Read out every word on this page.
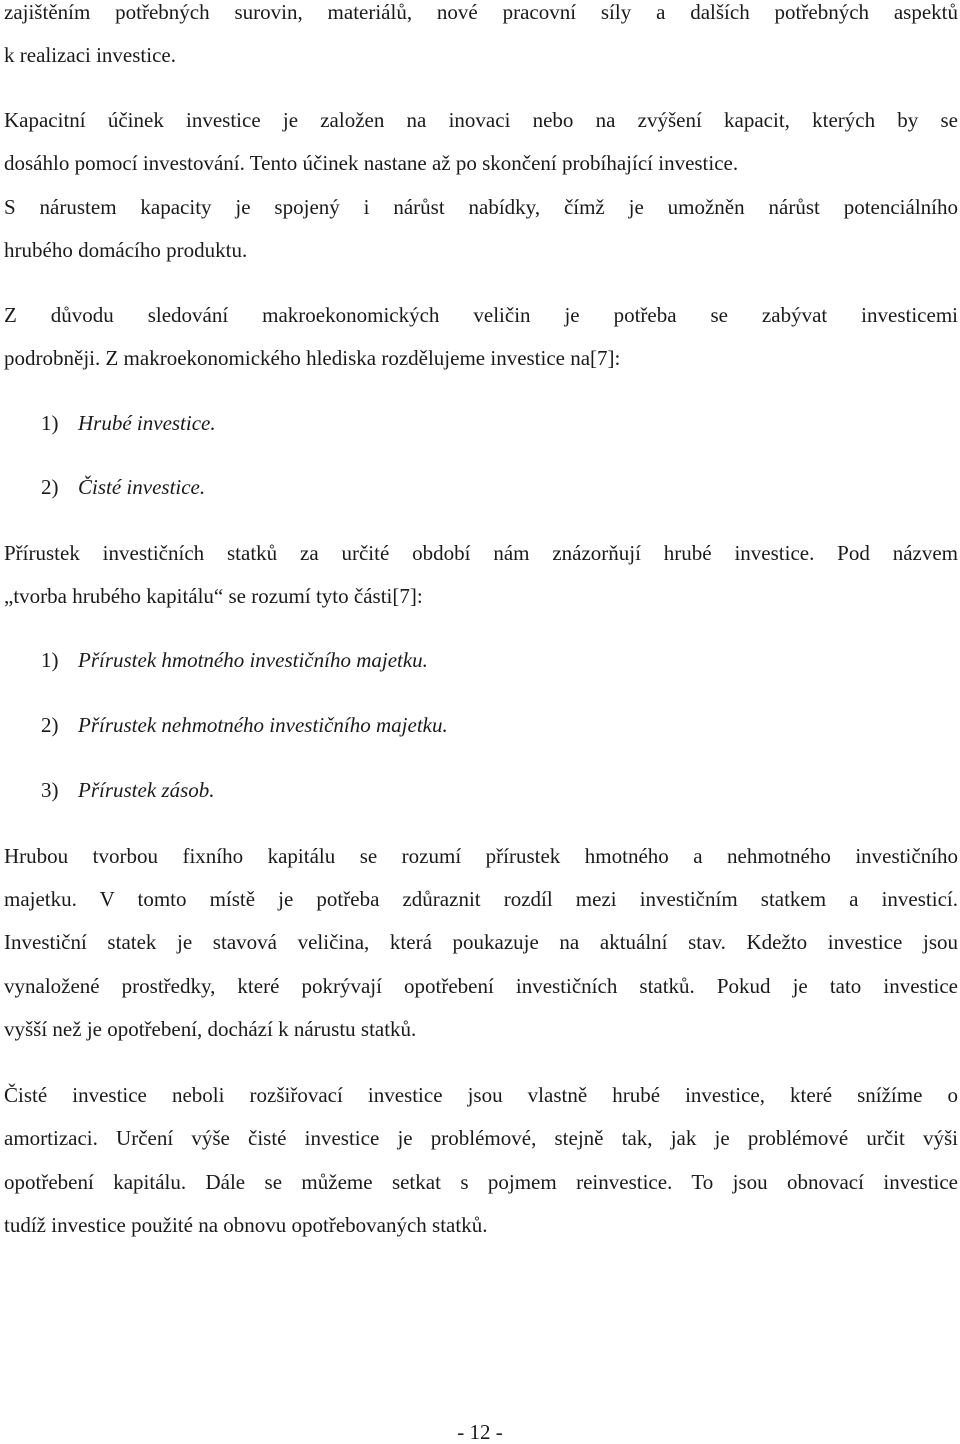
zajištěním potřebných surovin, materiálů, nové pracovní síly a dalších potřebných aspektů
k realizaci investice.
Kapacitní účinek investice je založen na inovaci nebo na zvýšení kapacit, kterých by se
dosáhlo pomocí investování. Tento účinek nastane až po skončení probíhající investice.
S nárustem kapacity je spojený i nárůst nabídky, čímž je umožněn nárůst potenciálního
hrubého domácího produktu.
Z důvodu sledování makroekonomických veličin je potřeba se zabývat investicemi
podrobněji. Z makroekonomického hlediska rozdělujeme investice na[7]:
1) Hrubé investice.
2) Čisté investice.
Přírustek investičních statků za určité období nám znázorňují hrubé investice. Pod názvem
„tvorba hrubého kapitálu“ se rozumí tyto části[7]:
1) Přírustek hmotného investičního majetku.
2) Přírustek nehmotného investičního majetku.
3) Přírustek zásob.
Hrubou tvorbou fixního kapitálu se rozumí přírustek hmotného a nehmotného investičního
majetku. V tomto místě je potřeba zdůraznit rozdíl mezi investičním statkem a investicí.
Investiční statek je stavová veličina, která poukazuje na aktuální stav. Kdežto investice jsou
vynaložené prostředky, které pokrývají opotřebení investičních statků. Pokud je tato investice
vyšší než je opotřebení, dochází k nárustu statků.
Čisté investice neboli rozšiřovací investice jsou vlastně hrubé investice, které snížíme o
amortizaci. Určení výše čisté investice je problémové, stejně tak, jak je problémové určit výši
opotřebení kapitálu. Dále se můžeme setkat s pojmem reinvestice. To jsou obnovací investice
tudíž investice použité na obnovu opotřebovaných statků.
- 12 -
